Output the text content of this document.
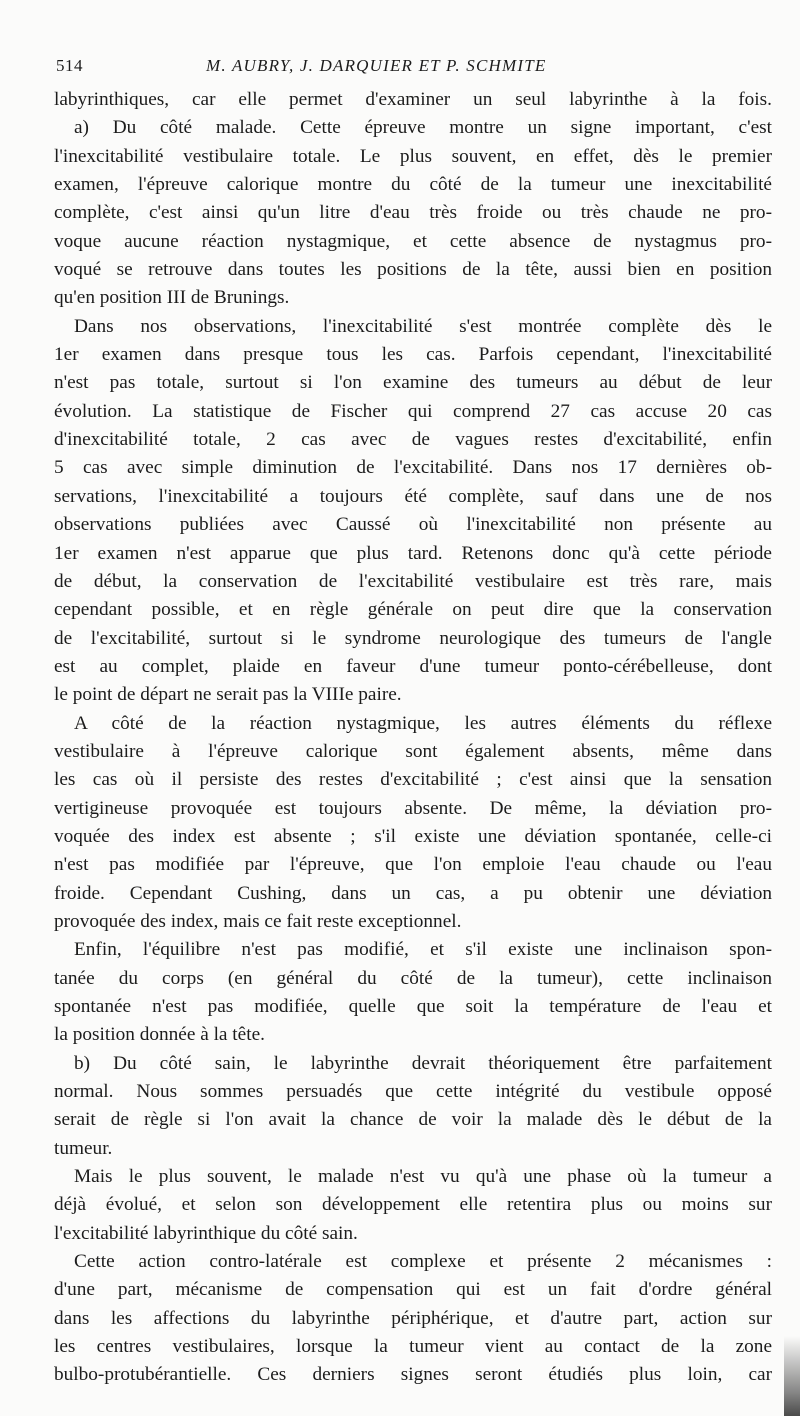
514	M. AUBRY, J. DARQUIER ET P. SCHMITE
labyrinthiques, car elle permet d'examiner un seul labyrinthe à la fois.
a) Du côté malade. Cette épreuve montre un signe important, c'est
l'inexcitabilité vestibulaire totale. Le plus souvent, en effet, dès le premier
examen, l'épreuve calorique montre du côté de la tumeur une inexcitabilité
complète, c'est ainsi qu'un litre d'eau très froide ou très chaude ne pro-
voque aucune réaction nystagmique, et cette absence de nystagmus pro-
voqué se retrouve dans toutes les positions de la tête, aussi bien en position
qu'en position III de Brunings.
Dans nos observations, l'inexcitabilité s'est montrée complète dès le
1er examen dans presque tous les cas. Parfois cependant, l'inexcitabilité
n'est pas totale, surtout si l'on examine des tumeurs au début de leur
évolution. La statistique de Fischer qui comprend 27 cas accuse 20 cas
d'inexcitabilité totale, 2 cas avec de vagues restes d'excitabilité, enfin
5 cas avec simple diminution de l'excitabilité. Dans nos 17 dernières ob-
servations, l'inexcitabilité a toujours été complète, sauf dans une de nos
observations publiées avec Caussé où l'inexcitabilité non présente au
1er examen n'est apparue que plus tard. Retenons donc qu'à cette période
de début, la conservation de l'excitabilité vestibulaire est très rare, mais
cependant possible, et en règle générale on peut dire que la conservation
de l'excitabilité, surtout si le syndrome neurologique des tumeurs de l'angle
est au complet, plaide en faveur d'une tumeur ponto-cérébelleuse, dont
le point de départ ne serait pas la VIIIe paire.
A côté de la réaction nystagmique, les autres éléments du réflexe
vestibulaire à l'épreuve calorique sont également absents, même dans
les cas où il persiste des restes d'excitabilité ; c'est ainsi que la sensation
vertigineuse provoquée est toujours absente. De même, la déviation pro-
voquée des index est absente ; s'il existe une déviation spontanée, celle-ci
n'est pas modifiée par l'épreuve, que l'on emploie l'eau chaude ou l'eau
froide. Cependant Cushing, dans un cas, a pu obtenir une déviation
provoquée des index, mais ce fait reste exceptionnel.
Enfin, l'équilibre n'est pas modifié, et s'il existe une inclinaison spon-
tanée du corps (en général du côté de la tumeur), cette inclinaison
spontanée n'est pas modifiée, quelle que soit la température de l'eau et
la position donnée à la tête.
b) Du côté sain, le labyrinthe devrait théoriquement être parfaitement
normal. Nous sommes persuadés que cette intégrité du vestibule opposé
serait de règle si l'on avait la chance de voir la malade dès le début de la
tumeur.
Mais le plus souvent, le malade n'est vu qu'à une phase où la tumeur a
déjà évolué, et selon son développement elle retentira plus ou moins sur
l'excitabilité labyrinthique du côté sain.
Cette action contro-latérale est complexe et présente 2 mécanismes :
d'une part, mécanisme de compensation qui est un fait d'ordre général
dans les affections du labyrinthe périphérique, et d'autre part, action sur
les centres vestibulaires, lorsque la tumeur vient au contact de la zone
bulbo-protubérantielle. Ces derniers signes seront étudiés plus loin, car
